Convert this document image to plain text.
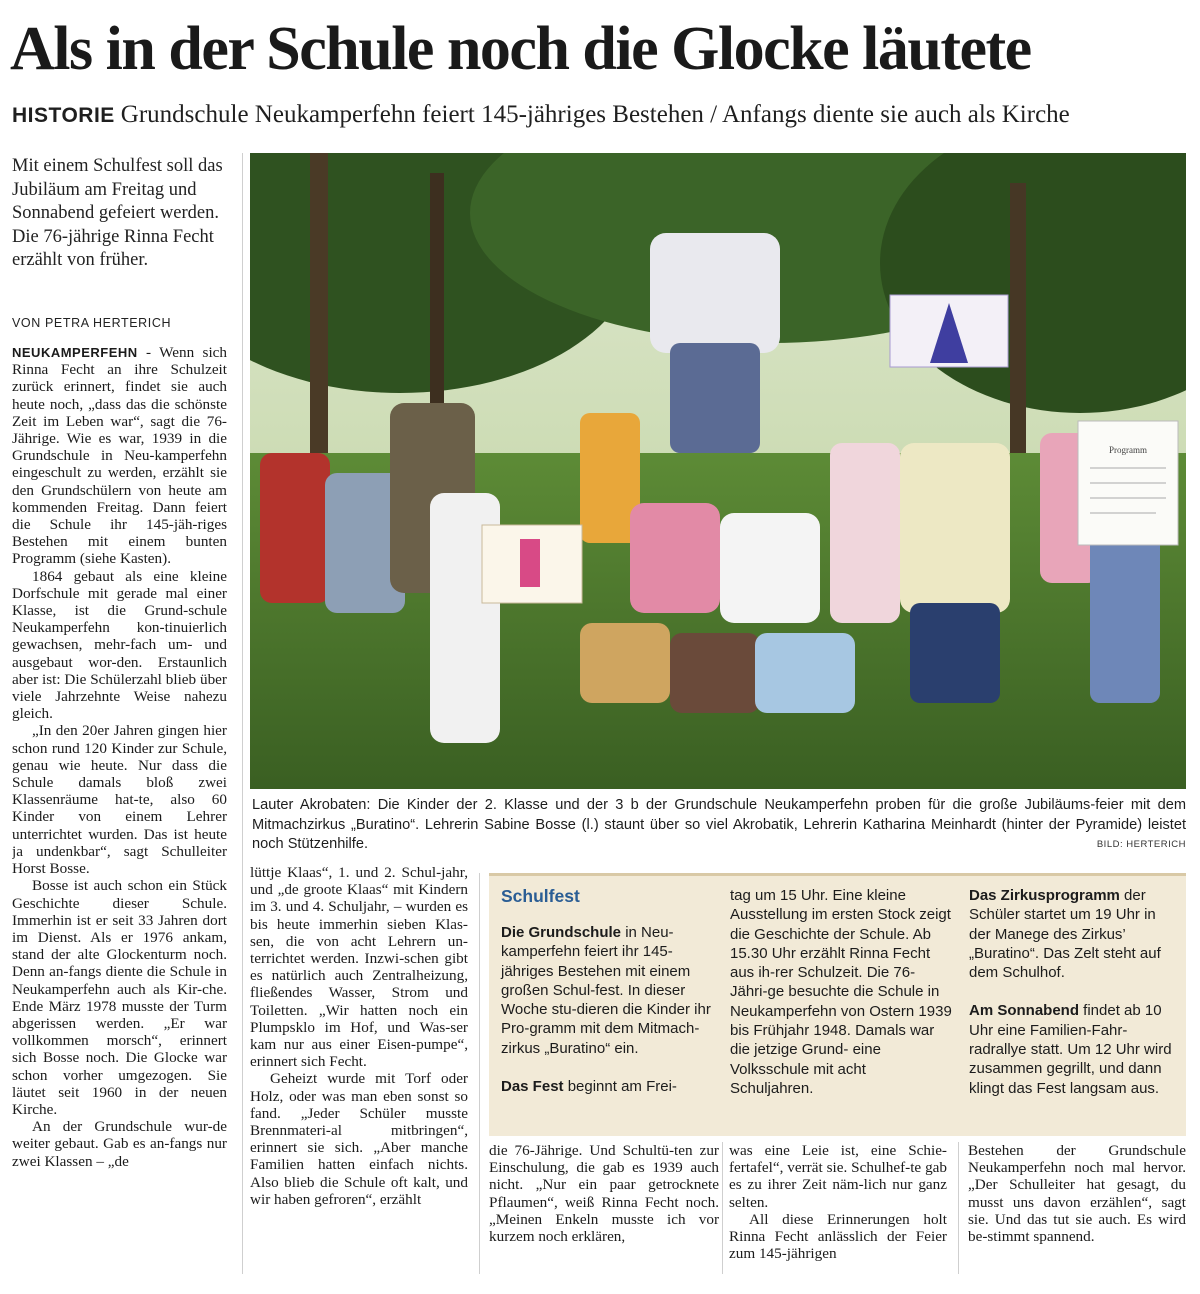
Als in der Schule noch die Glocke läutete
HISTORIE Grundschule Neukamperfehn feiert 145-jähriges Bestehen / Anfangs diente sie auch als Kirche
Mit einem Schulfest soll das Jubiläum am Freitag und Sonnabend gefeiert werden. Die 76-jährige Rinna Fecht erzählt von früher.
VON PETRA HERTERICH

NEUKAMPERFEHN - Wenn sich Rinna Fecht an ihre Schulzeit zurück erinnert, findet sie auch heute noch, „dass das die schönste Zeit im Leben war“, sagt die 76-Jährige. Wie es war, 1939 in die Grundschule in Neu-kamperfehn eingeschult zu werden, erzählt sie den Grundschülern von heute am kommenden Freitag. Dann feiert die Schule ihr 145-jäh-riges Bestehen mit einem bunten Programm (siehe Kasten).

1864 gebaut als eine kleine Dorfschule mit gerade mal einer Klasse, ist die Grund-schule Neukamperfehn kon-tinuierlich gewachsen, mehr-fach um- und ausgebaut wor-den. Erstaunlich aber ist: Die Schülerzahl blieb über viele Jahrzehnte Weise nahezu gleich.

„In den 20er Jahren gingen hier schon rund 120 Kinder zur Schule, genau wie heute. Nur dass die Schule damals bloß zwei Klassenräume hat-te, also 60 Kinder von einem Lehrer unterrichtet wurden. Das ist heute ja undenkbar“, sagt Schulleiter Horst Bosse.

Bosse ist auch schon ein Stück Geschichte dieser Schule. Immerhin ist er seit 33 Jahren dort im Dienst. Als er 1976 ankam, stand der alte Glockenturm noch. Denn an-fangs diente die Schule in Neukamperfehn auch als Kir-che. Ende März 1978 musste der Turm abgerissen werden. „Er war vollkommen morsch“, erinnert sich Bosse noch. Die Glocke war schon vorher umgezogen. Sie läutet seit 1960 in der neuen Kirche.

An der Grundschule wur-de weiter gebaut. Gab es an-fangs nur zwei Klassen – „de

Programm
Lauter Akrobaten: Die Kinder der 2. Klasse und der 3 b der Grundschule Neukamperfehn proben für die große Jubiläums-feier mit dem Mitmachzirkus „Buratino“. Lehrerin Sabine Bosse (l.) staunt über so viel Akrobatik, Lehrerin Katharina Meinhardt (hinter der Pyramide) leistet noch Stützenhilfe.	BILD: HERTERICH

lüttje Klaas“, 1. und 2. Schul-jahr, und „de groote Klaas“ mit Kindern im 3. und 4. Schuljahr, – wurden es bis heute immerhin sieben Klas-sen, die von acht Lehrern un-terrichtet werden. Inzwi-schen gibt es natürlich auch Zentralheizung, fließendes Wasser, Strom und Toiletten. „Wir hatten noch ein Plumpsklo im Hof, und Was-ser kam nur aus einer Eisen-pumpe“, erinnert sich Fecht.

Geheizt wurde mit Torf oder Holz, oder was man eben sonst so fand. „Jeder Schüler musste Brennmateri-al mitbringen“, erinnert sie sich. „Aber manche Familien hatten einfach nichts. Also blieb die Schule oft kalt, und wir haben gefroren“, erzählt

Schulfest

Die Grundschule in Neu-kamperfehn feiert ihr 145-jähriges Bestehen mit einem großen Schul-fest. In dieser Woche stu-dieren die Kinder ihr Pro-gramm mit dem Mitmach-zirkus „Buratino“ ein.

Das Fest beginnt am Frei-

tag um 15 Uhr. Eine kleine Ausstellung im ersten Stock zeigt die Geschichte der Schule. Ab 15.30 Uhr erzählt Rinna Fecht aus ih-rer Schulzeit. Die 76-Jähri-ge besuchte die Schule in Neukamperfehn von Ostern 1939 bis Frühjahr 1948. Damals war die jetzige Grund- eine Volksschule mit acht Schuljahren.

Das Zirkusprogramm der Schüler startet um 19 Uhr in der Manege des Zirkus’ „Buratino“. Das Zelt steht auf dem Schulhof.

Am Sonnabend findet ab 10 Uhr eine Familien-Fahr-radrallye statt. Um 12 Uhr wird zusammen gegrillt, und dann klingt das Fest langsam aus.

die 76-Jährige. Und Schultü-ten zur Einschulung, die gab es 1939 auch nicht. „Nur ein paar getrocknete Pflaumen“, weiß Rinna Fecht noch. „Meinen Enkeln musste ich vor kurzem noch erklären,

was eine Leie ist, eine Schie-fertafel“, verrät sie. Schulhef-te gab es zu ihrer Zeit näm-lich nur ganz selten.

All diese Erinnerungen holt Rinna Fecht anlässlich der Feier zum 145-jährigen

Bestehen der Grundschule Neukamperfehn noch mal hervor. „Der Schulleiter hat gesagt, du musst uns davon erzählen“, sagt sie. Und das tut sie auch. Es wird be-stimmt spannend.
